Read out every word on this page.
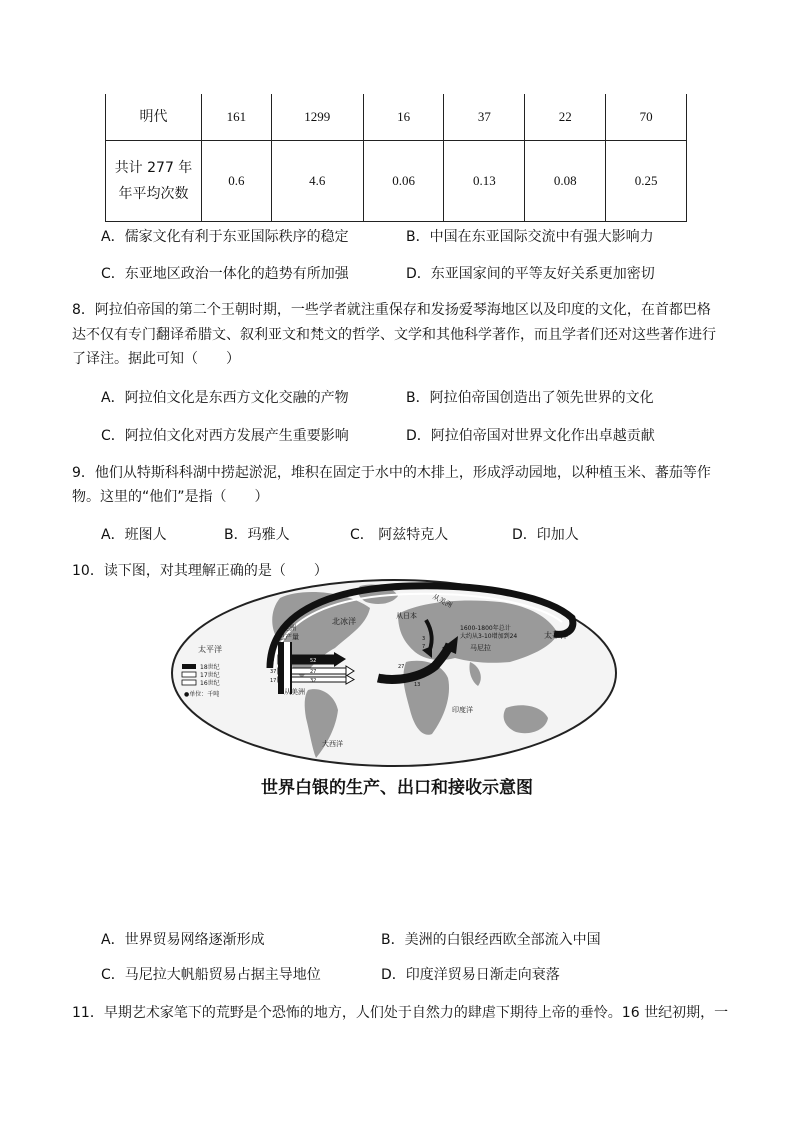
明代	161	1299	16	37	22	70

共计 277 年
年平均次数	0.6	4.6	0.06	0.13	0.08	0.25
A．儒家文化有利于东亚国际秩序的稳定	B．中国在东亚国际交流中有强大影响力
C．东亚地区政治一体化的趋势有所加强	D．东亚国家间的平等友好关系更加密切
8．阿拉伯帝国的第二个王朝时期，一些学者就注重保存和发扬爱琴海地区以及印度的文化，在首都巴格
达不仅有专门翻译希腊文、叙利亚文和梵文的哲学、文学和其他科学著作，而且学者们还对这些著作进行
了译注。据此可知（　　）
A．阿拉伯文化是东西方文化交融的产物	B．阿拉伯帝国创造出了领先世界的文化
C．阿拉伯文化对西方发展产生重要影响	D．阿拉伯帝国对世界文化作出卓越贡献
9．他们从特斯科科湖中捞起淤泥，堆积在固定于水中的木排上，形成浮动园地，以种植玉米、蕃茄等作
物。这里的“他们”是指（　　）
A．班图人	B．玛雅人	C． 阿兹特克人	D．印加人
10．读下图，对其理解正确的是（　　）
太平洋
北冰洋
太平洋
印度洋
大西洋
美洲
总产量
从日本
从美洲
从美洲
马尼拉
1600-1800年总计
大约从3-10增加到24
18世纪
17世纪
16世纪
●单位：千吨
74
37
17
52
27
32
27
9
13
3
7
世界白银的生产、出口和接收示意图
A．世界贸易网络逐渐形成	B．美洲的白银经西欧全部流入中国
C．马尼拉大帆船贸易占据主导地位	D．印度洋贸易日渐走向衰落
11．早期艺术家笔下的荒野是个恐怖的地方，人们处于自然力的肆虐下期待上帝的垂怜。16 世纪初期，一
